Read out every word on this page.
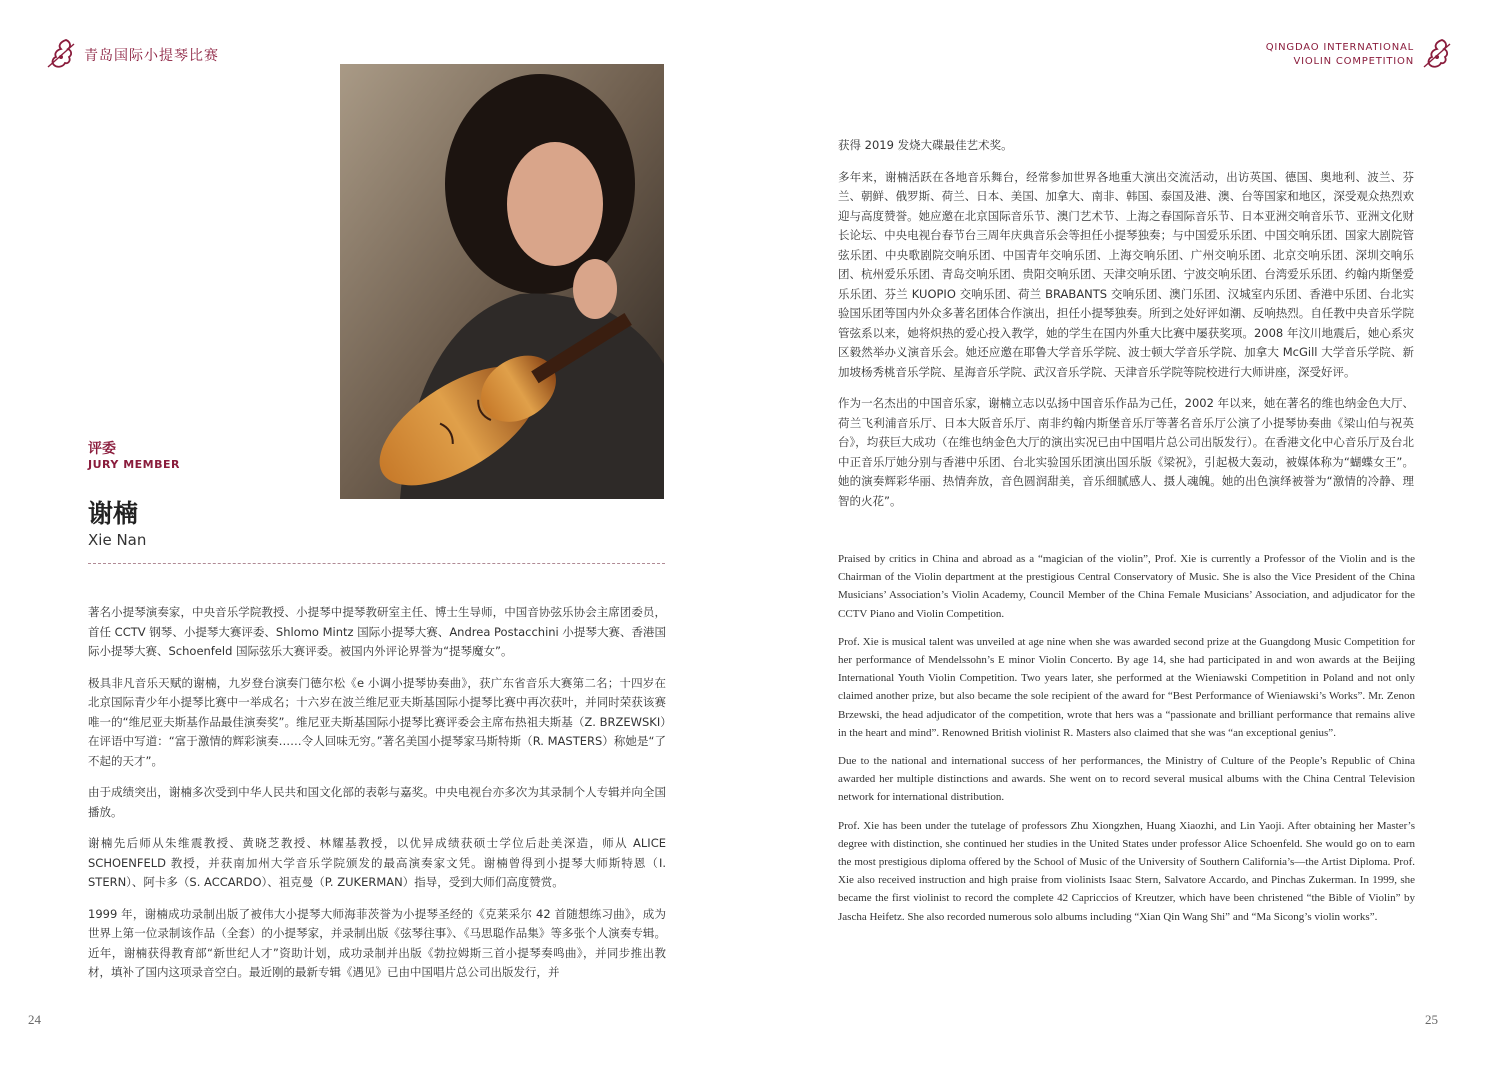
青岛国际小提琴比赛
评委
JURY MEMBER
谢楠
Xie Nan

著名小提琴演奏家，中央音乐学院教授、小提琴中提琴教研室主任、博士生导师，中国音协弦乐协会主席团委员，首任 CCTV 钢琴、小提琴大赛评委、Shlomo Mintz 国际小提琴大赛、Andrea Postacchini 小提琴大赛、香港国际小提琴大赛、Schoenfeld 国际弦乐大赛评委。被国内外评论界誉为“提琴魔女”。

极具非凡音乐天赋的谢楠，九岁登台演奏门德尔松《e 小调小提琴协奏曲》，获广东省音乐大赛第二名；十四岁在北京国际青少年小提琴比赛中一举成名；十六岁在波兰维尼亚夫斯基国际小提琴比赛中再次获叶，并同时荣获该赛唯一的“维尼亚夫斯基作品最佳演奏奖”。维尼亚夫斯基国际小提琴比赛评委会主席布热祖夫斯基（Z. BRZEWSKI）在评语中写道：“富于激情的辉彩演奏……令人回味无穷。”著名美国小提琴家马斯特斯（R. MASTERS）称她是“了不起的天才”。

由于成绩突出，谢楠多次受到中华人民共和国文化部的表彰与嘉奖。中央电视台亦多次为其录制个人专辑并向全国播放。

谢楠先后师从朱维震教授、黄晓芝教授、林耀基教授，以优异成绩获硕士学位后赴美深造，师从 ALICE SCHOENFELD 教授，并获南加州大学音乐学院颁发的最高演奏家文凭。谢楠曾得到小提琴大师斯特恩（I. STERN）、阿卡多（S. ACCARDO）、祖克曼（P. ZUKERMAN）指导，受到大师们高度赞赏。

1999 年，谢楠成功录制出版了被伟大小提琴大师海菲茨誉为小提琴圣经的《克莱采尔 42 首随想练习曲》，成为世界上第一位录制该作品（全套）的小提琴家，并录制出版《弦琴往事》、《马思聪作品集》等多张个人演奏专辑。近年，谢楠获得教育部“新世纪人才”资助计划，成功录制并出版《勃拉姆斯三首小提琴奏鸣曲》，并同步推出教材，填补了国内这项录音空白。最近刚的最新专辑《遇见》已由中国唱片总公司出版发行，并

24
QINGDAO INTERNATIONAL
VIOLIN COMPETITION

获得 2019 发烧大碟最佳艺术奖。

多年来，谢楠活跃在各地音乐舞台，经常参加世界各地重大演出交流活动，出访英国、德国、奥地利、波兰、芬兰、朝鲜、俄罗斯、荷兰、日本、美国、加拿大、南非、韩国、泰国及港、澳、台等国家和地区，深受观众热烈欢迎与高度赞誉。她应邀在北京国际音乐节、澳门艺术节、上海之春国际音乐节、日本亚洲交响音乐节、亚洲文化财长论坛、中央电视台春节台三周年庆典音乐会等担任小提琴独奏；与中国爱乐乐团、中国交响乐团、国家大剧院管弦乐团、中央歌剧院交响乐团、中国青年交响乐团、上海交响乐团、广州交响乐团、北京交响乐团、深圳交响乐团、杭州爱乐乐团、青岛交响乐团、贵阳交响乐团、天津交响乐团、宁波交响乐团、台湾爱乐乐团、约翰内斯堡爱乐乐团、芬兰 KUOPIO 交响乐团、荷兰 BRABANTS 交响乐团、澳门乐团、汉城室内乐团、香港中乐团、台北实验国乐团等国内外众多著名团体合作演出，担任小提琴独奏。所到之处好评如潮、反响热烈。自任教中央音乐学院管弦系以来，她将炽热的爱心投入教学，她的学生在国内外重大比赛中屡获奖项。2008 年汶川地震后，她心系灾区毅然举办义演音乐会。她还应邀在耶鲁大学音乐学院、波士顿大学音乐学院、加拿大 McGill 大学音乐学院、新加坡杨秀桃音乐学院、星海音乐学院、武汉音乐学院、天津音乐学院等院校进行大师讲座，深受好评。

作为一名杰出的中国音乐家，谢楠立志以弘扬中国音乐作品为己任，2002 年以来，她在著名的维也纳金色大厅、荷兰飞利浦音乐厅、日本大阪音乐厅、南非约翰内斯堡音乐厅等著名音乐厅公演了小提琴协奏曲《梁山伯与祝英台》，均获巨大成功（在维也纳金色大厅的演出实况已由中国唱片总公司出版发行）。在香港文化中心音乐厅及台北中正音乐厅她分别与香港中乐团、台北实验国乐团演出国乐版《梁祝》，引起极大轰动，被媒体称为“蝴蝶女王”。她的演奏辉彩华丽、热情奔放，音色圆润甜美，音乐细腻感人、摄人魂魄。她的出色演绎被誉为“激情的冷静、理智的火花”。

Praised by critics in China and abroad as a “magician of the violin”, Prof. Xie is currently a Professor of the Violin and is the Chairman of the Violin department at the prestigious Central Conservatory of Music. She is also the Vice President of the China Musicians’ Association’s Violin Academy, Council Member of the China Female Musicians’ Association, and adjudicator for the CCTV Piano and Violin Competition.

Prof. Xie is musical talent was unveiled at age nine when she was awarded second prize at the Guangdong Music Competition for her performance of Mendelssohn’s E minor Violin Concerto. By age 14, she had participated in and won awards at the Beijing International Youth Violin Competition. Two years later, she performed at the Wieniawski Competition in Poland and not only claimed another prize, but also became the sole recipient of the award for “Best Performance of Wieniawski’s Works”. Mr. Zenon Brzewski, the head adjudicator of the competition, wrote that hers was a “passionate and brilliant performance that remains alive in the heart and mind”. Renowned British violinist R. Masters also claimed that she was “an exceptional genius”.

Due to the national and international success of her performances, the Ministry of Culture of the People’s Republic of China awarded her multiple distinctions and awards. She went on to record several musical albums with the China Central Television network for international distribution.

Prof. Xie has been under the tutelage of professors Zhu Xiongzhen, Huang Xiaozhi, and Lin Yaoji. After obtaining her Master’s degree with distinction, she continued her studies in the United States under professor Alice Schoenfeld. She would go on to earn the most prestigious diploma offered by the School of Music of the University of Southern California’s—the Artist Diploma. Prof. Xie also received instruction and high praise from violinists Isaac Stern, Salvatore Accardo, and Pinchas Zukerman. In 1999, she became the first violinist to record the complete 42 Capriccios of Kreutzer, which have been christened “the Bible of Violin” by Jascha Heifetz. She also recorded numerous solo albums including “Xian Qin Wang Shi” and “Ma Sicong’s violin works”.

25
